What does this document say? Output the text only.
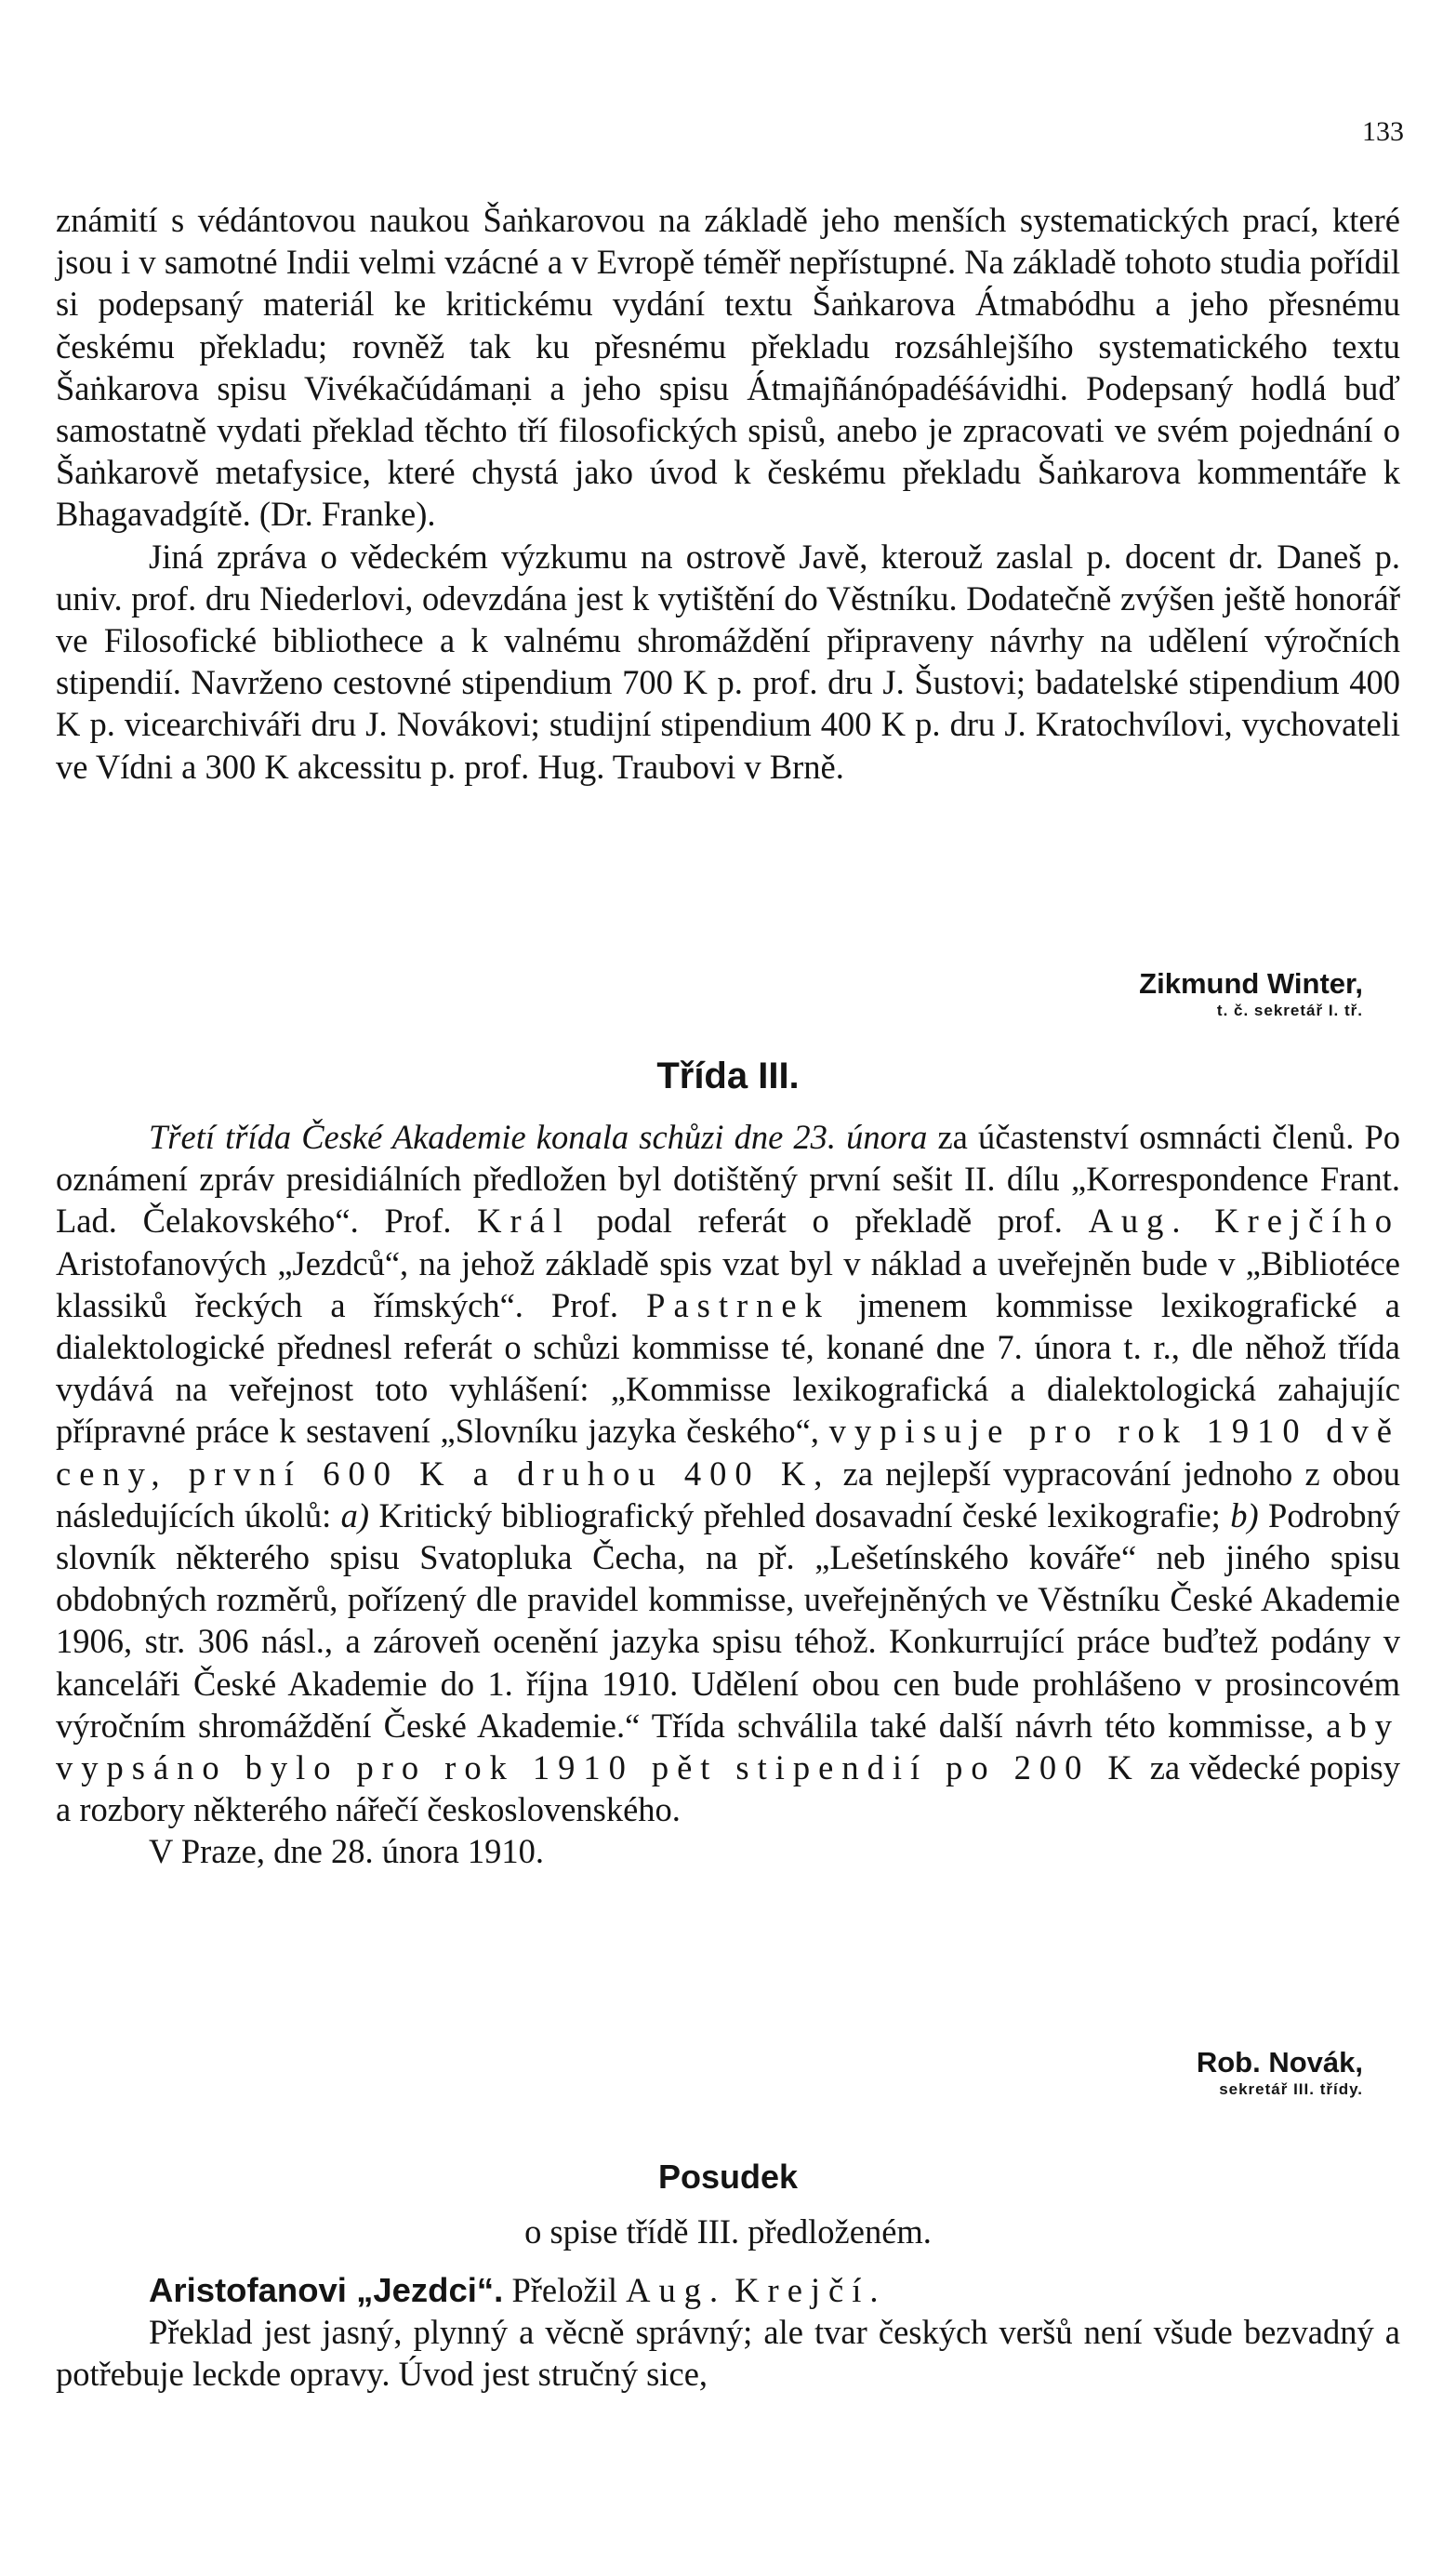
133

známití s védántovou naukou Šaṅkarovou na základě jeho menších systematických prací, které jsou i v samotné Indii velmi vzácné a v Evropě téměř nepřístupné. Na základě tohoto studia pořídil si podepsaný materiál ke kritickému vydání textu Šaṅkarova Átmabódhu a jeho přesnému českému překladu; rovněž tak ku přesnému překladu rozsáhlejšího systematického textu Šaṅkarova spisu Vivékačúdámaṇi a jeho spisu Átmajñánópadéśávidhi. Podepsaný hodlá buď samostatně vydati překlad těchto tří filosofických spisů, anebo je zpracovati ve svém pojednání o Šaṅkarově metafysice, které chystá jako úvod k českému překladu Šaṅkarova kommentáře k Bhagavadgítě. (Dr. Franke).

Jiná zpráva o vědeckém výzkumu na ostrově Javě, kterouž zaslal p. docent dr. Daneš p. univ. prof. dru Niederlovi, odevzdána jest k vytištění do Věstníku. Dodatečně zvýšen ještě honorář ve Filosofické bibliothece a k valnému shromáždění připraveny návrhy na udělení výročních stipendií. Navrženo cestovné stipendium 700 K p. prof. dru J. Šustovi; badatelské stipendium 400 K p. vicearchiváři dru J. Novákovi; studijní stipendium 400 K p. dru J. Kratochvílovi, vychovateli ve Vídni a 300 K akcessitu p. prof. Hug. Traubovi v Brně.

Zikmund Winter,
t. č. sekretář I. tř.
Třída III.

Třetí třída České Akademie konala schůzi dne 23. února za účastenství osmnácti členů. Po oznámení zpráv presidiálních předložen byl dotištěný první sešit II. dílu „Korrespondence Frant. Lad. Čelakovského“. Prof. Král podal referát o překladě prof. Aug. Krejčího Aristofanových „Jezdců“, na jehož základě spis vzat byl v náklad a uveřejněn bude v „Bibliotéce klassiků řeckých a římských“. Prof. Pastrnek jmenem kommisse lexikografické a dialektologické přednesl referát o schůzi kommisse té, konané dne 7. února t. r., dle něhož třída vydává na veřejnost toto vyhlášení: „Kommisse lexikografická a dialektologická zahajujíc přípravné práce k sestavení „Slovníku jazyka českého“, vypisuje pro rok 1910 dvě ceny, první 600 K a druhou 400 K, za nejlepší vypracování jednoho z obou následujících úkolů: a) Kritický bibliografický přehled dosavadní české lexikografie; b) Podrobný slovník některého spisu Svatopluka Čecha, na př. „Lešetínského kováře“ neb jiného spisu obdobných rozměrů, pořízený dle pravidel kommisse, uveřejněných ve Věstníku České Akademie 1906, str. 306 násl., a zároveň ocenění jazyka spisu téhož. Konkurrující práce buďtež podány v kanceláři České Akademie do 1. října 1910. Udělení obou cen bude prohlášeno v prosincovém výročním shromáždění České Akademie.“ Třída schválila také další návrh této kommisse, aby vypsáno bylo pro rok 1910 pět stipendií po 200 K za vědecké popisy a rozbory některého nářečí československého.

V Praze, dne 28. února 1910.

Rob. Novák,
sekretář III. třídy.
Posudek
o spise třídě III. předloženém.

Aristofanovi „Jezdci“. Přeložil Aug. Krejčí.

Překlad jest jasný, plynný a věcně správný; ale tvar českých veršů není všude bezvadný a potřebuje leckde opravy. Úvod jest stručný sice,
